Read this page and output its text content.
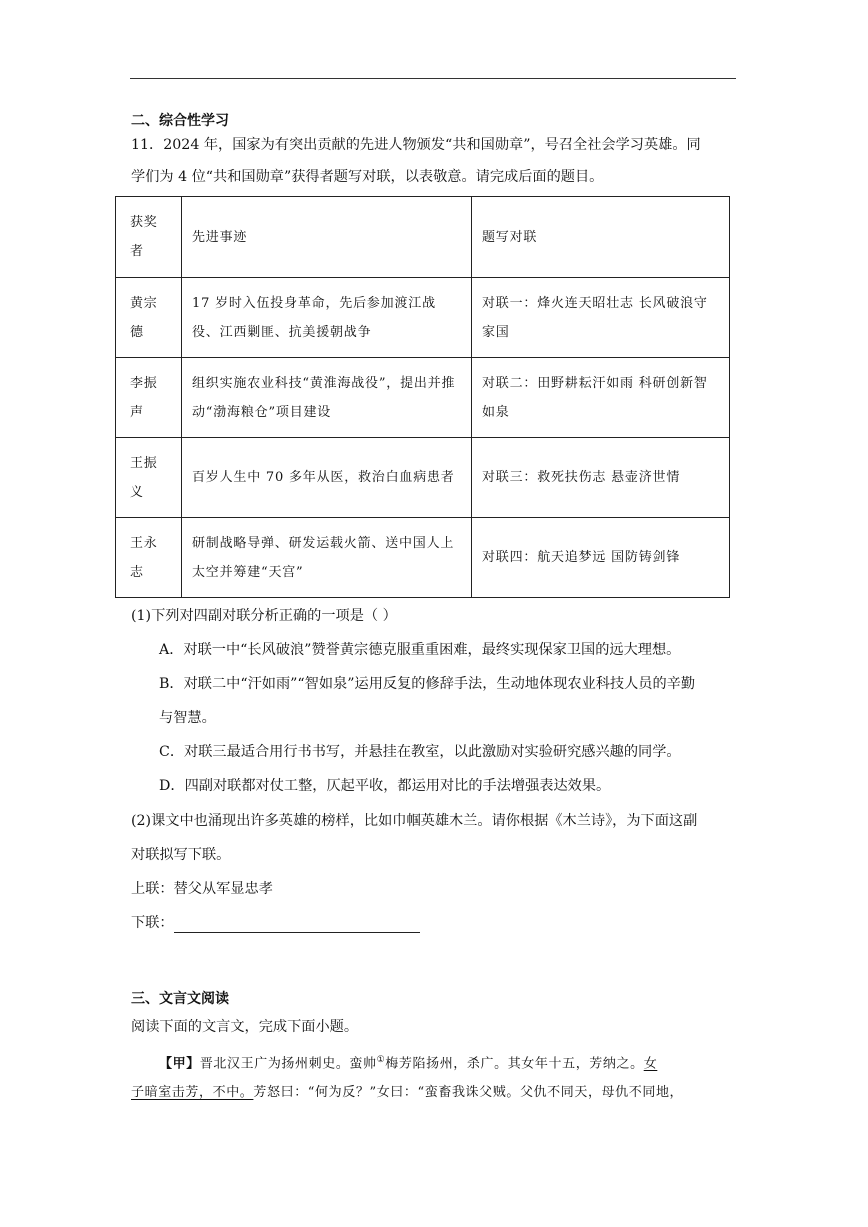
二、综合性学习
11．2024 年，国家为有突出贡献的先进人物颁发“共和国勋章”，号召全社会学习英雄。同
学们为 4 位“共和国勋章”获得者题写对联，以表敬意。请完成后面的题目。
获奖者	先进事迹	题写对联
黄宗德	17 岁时入伍投身革命，先后参加渡江战役、江西剿匪、抗美援朝战争	对联一：烽火连天昭壮志 长风破浪守家国
李振声	组织实施农业科技“黄淮海战役”，提出并推动“渤海粮仓”项目建设	对联二：田野耕耘汗如雨 科研创新智如泉
王振义	百岁人生中 70 多年从医，救治白血病患者	对联三：救死扶伤志 悬壶济世情
王永志	研制战略导弹、研发运载火箭、送中国人上太空并筹建“天宫”	对联四：航天追梦远 国防铸剑锋
(1)下列对四副对联分析正确的一项是（ ）
A．对联一中“长风破浪”赞誉黄宗德克服重重困难，最终实现保家卫国的远大理想。
B．对联二中“汗如雨”“智如泉”运用反复的修辞手法，生动地体现农业科技人员的辛勤
与智慧。
C．对联三最适合用行书书写，并悬挂在教室，以此激励对实验研究感兴趣的同学。
D．四副对联都对仗工整，仄起平收，都运用对比的手法增强表达效果。
(2)课文中也涌现出许多英雄的榜样，比如巾帼英雄木兰。请你根据《木兰诗》，为下面这副
对联拟写下联。
上联：替父从军显忠孝
下联：
三、文言文阅读
阅读下面的文言文，完成下面小题。
【甲】晋北汉王广为扬州刺史。蛮帅①梅芳陷扬州，杀广。其女年十五，芳纳之。女
子暗室击芳，不中。芳怒曰：“何为反？”女曰：“蛮畜我诛父贼。父仇不同天，母仇不同地，
